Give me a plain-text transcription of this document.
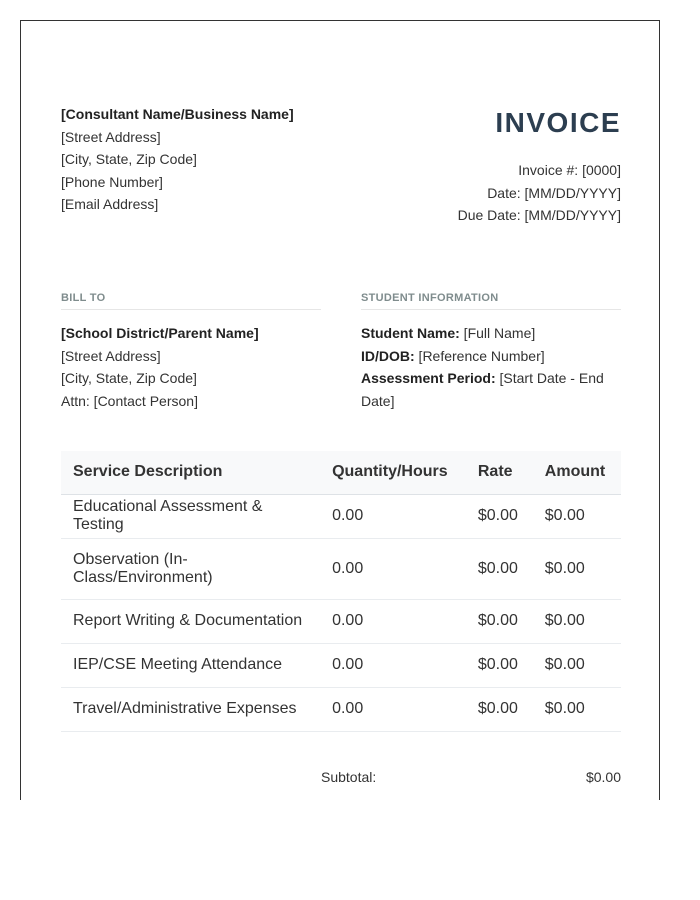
[Consultant Name/Business Name]
[Street Address]
[City, State, Zip Code]
[Phone Number]
[Email Address]
INVOICE
Invoice #: [0000]
Date: [MM/DD/YYYY]
Due Date: [MM/DD/YYYY]
BILL TO
[School District/Parent Name]
[Street Address]
[City, State, Zip Code]
Attn: [Contact Person]
STUDENT INFORMATION
Student Name: [Full Name]
ID/DOB: [Reference Number]
Assessment Period: [Start Date - End Date]
Service Description	Quantity/Hours	Rate	Amount
Educational Assessment & Testing	0.00	$0.00	$0.00
Observation (In-Class/Environment)	0.00	$0.00	$0.00
Report Writing & Documentation	0.00	$0.00	$0.00
IEP/CSE Meeting Attendance	0.00	$0.00	$0.00
Travel/Administrative Expenses	0.00	$0.00	$0.00
Subtotal:	$0.00
